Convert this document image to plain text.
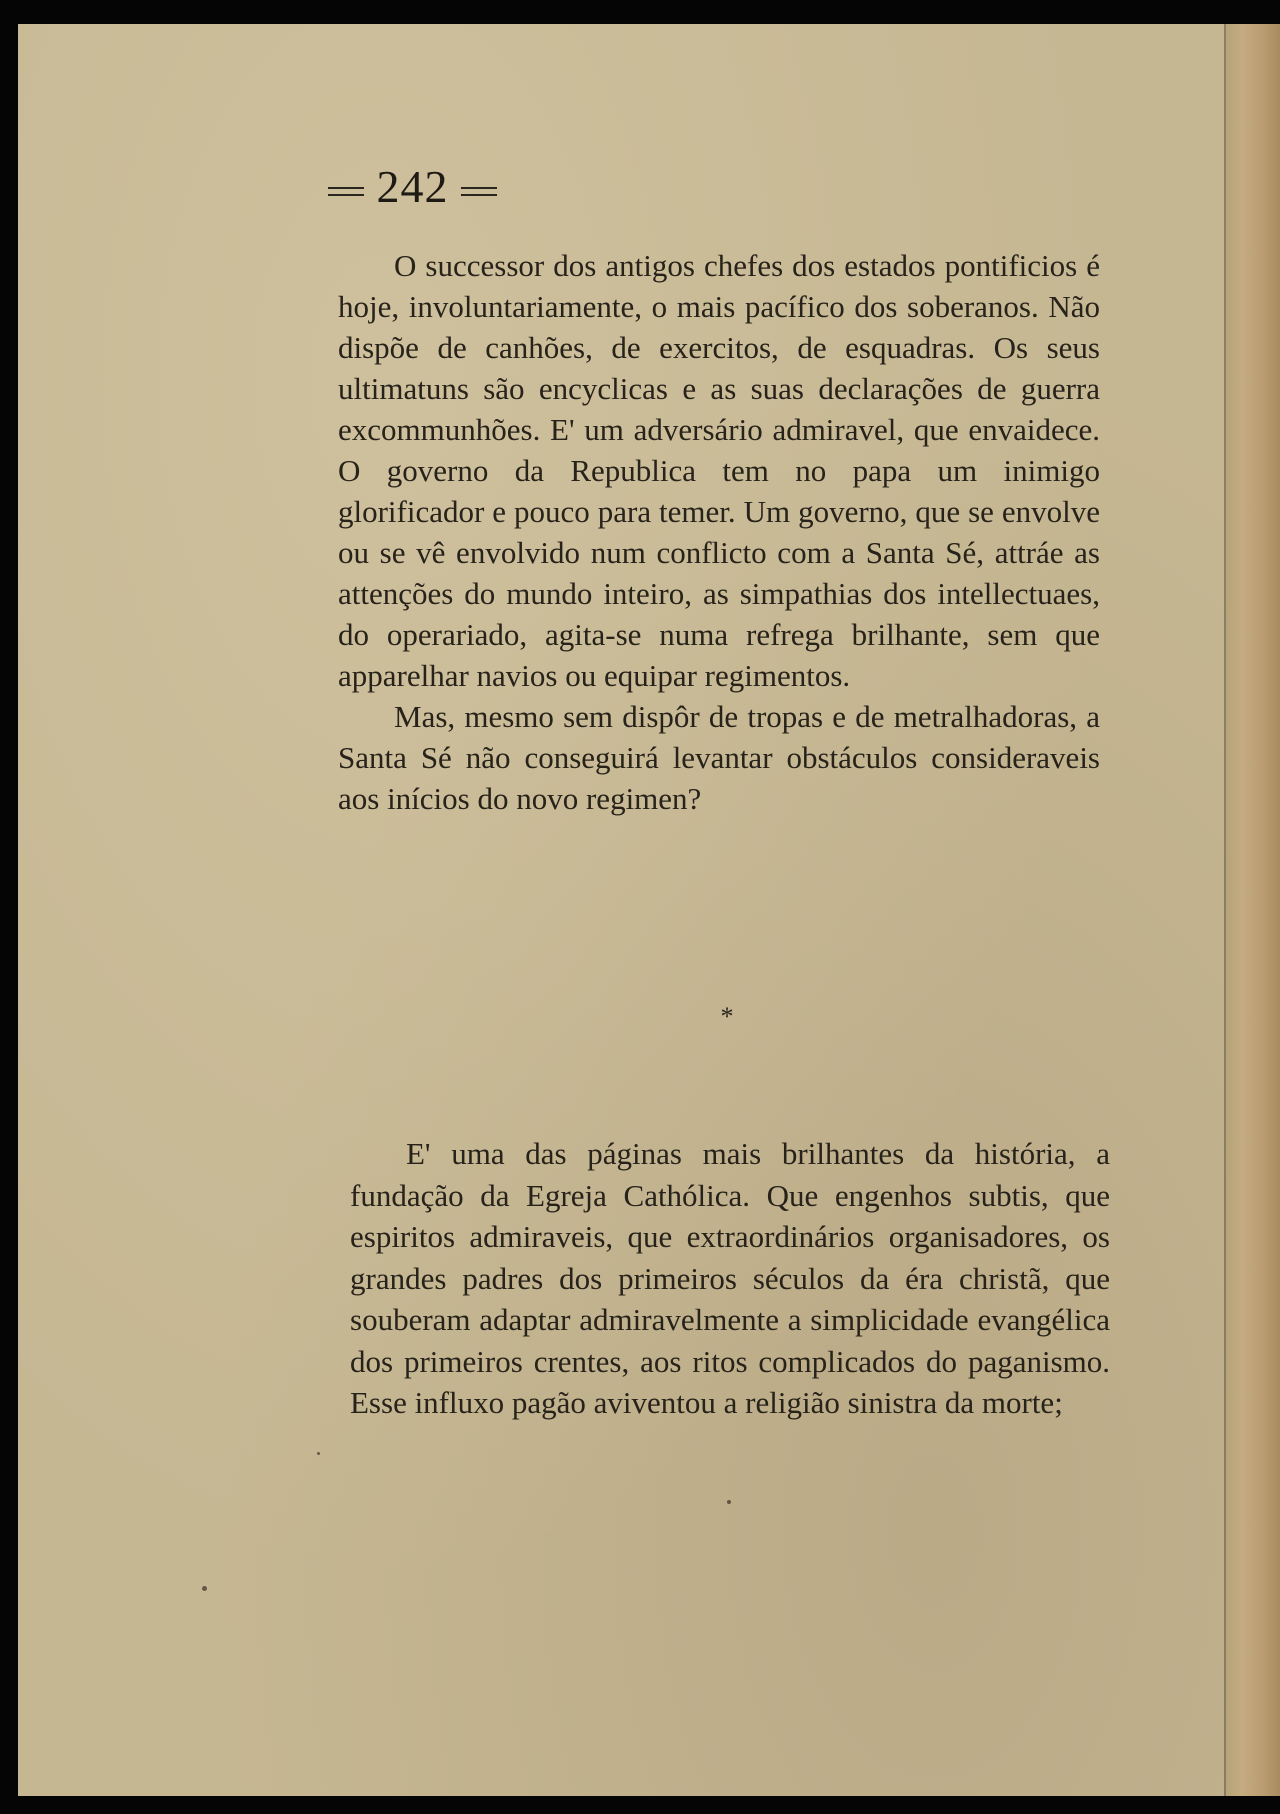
242

O successor dos antigos chefes dos estados pontificios é hoje, involuntariamente, o mais pacífico dos soberanos. Não dispõe de canhões, de exercitos, de esquadras. Os seus ultimatuns são encyclicas e as suas declarações de guerra excommunhões. E' um adversário admiravel, que envaidece. O governo da Republica tem no papa um inimigo glorificador e pouco para temer. Um governo, que se envolve ou se vê envolvido num conflicto com a Santa Sé, attráe as attenções do mundo inteiro, as simpathias dos intellectuaes, do operariado, agita-se numa refrega brilhante, sem que apparelhar navios ou equipar regimentos.

Mas, mesmo sem dispôr de tropas e de metralhadoras, a Santa Sé não conseguirá levantar obstáculos consideraveis aos inícios do novo regimen?

*

E' uma das páginas mais brilhantes da história, a fundação da Egreja Cathólica. Que engenhos subtis, que espiritos admiraveis, que extraordinários organisadores, os grandes padres dos primeiros séculos da éra christã, que souberam adaptar admiravelmente a simplicidade evangélica dos primeiros crentes, aos ritos complicados do paganismo. Esse influxo pagão aviventou a religião sinistra da morte;
